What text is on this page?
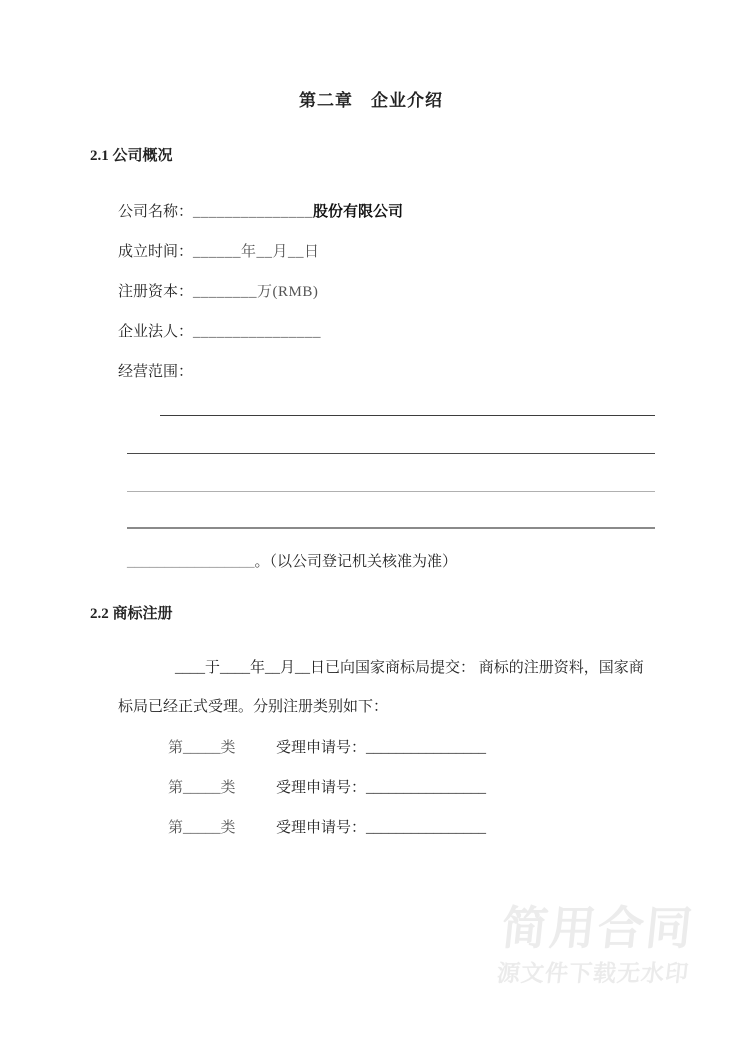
第二章　企业介绍
2.1 公司概况
公司名称：_______________股份有限公司
成立时间：______年__月__日
注册资本：________万(RMB)
企业法人：________________
经营范围：
_________________。（以公司登记机关核准为准）
2.2 商标注册
____于____年__月__日已向国家商标局提交： 商标的注册资料，国家商
标局已经正式受理。分别注册类别如下：
第_____类	受理申请号：________________
第_____类	受理申请号：________________
第_____类	受理申请号：________________
简用合同
源文件下载无水印
